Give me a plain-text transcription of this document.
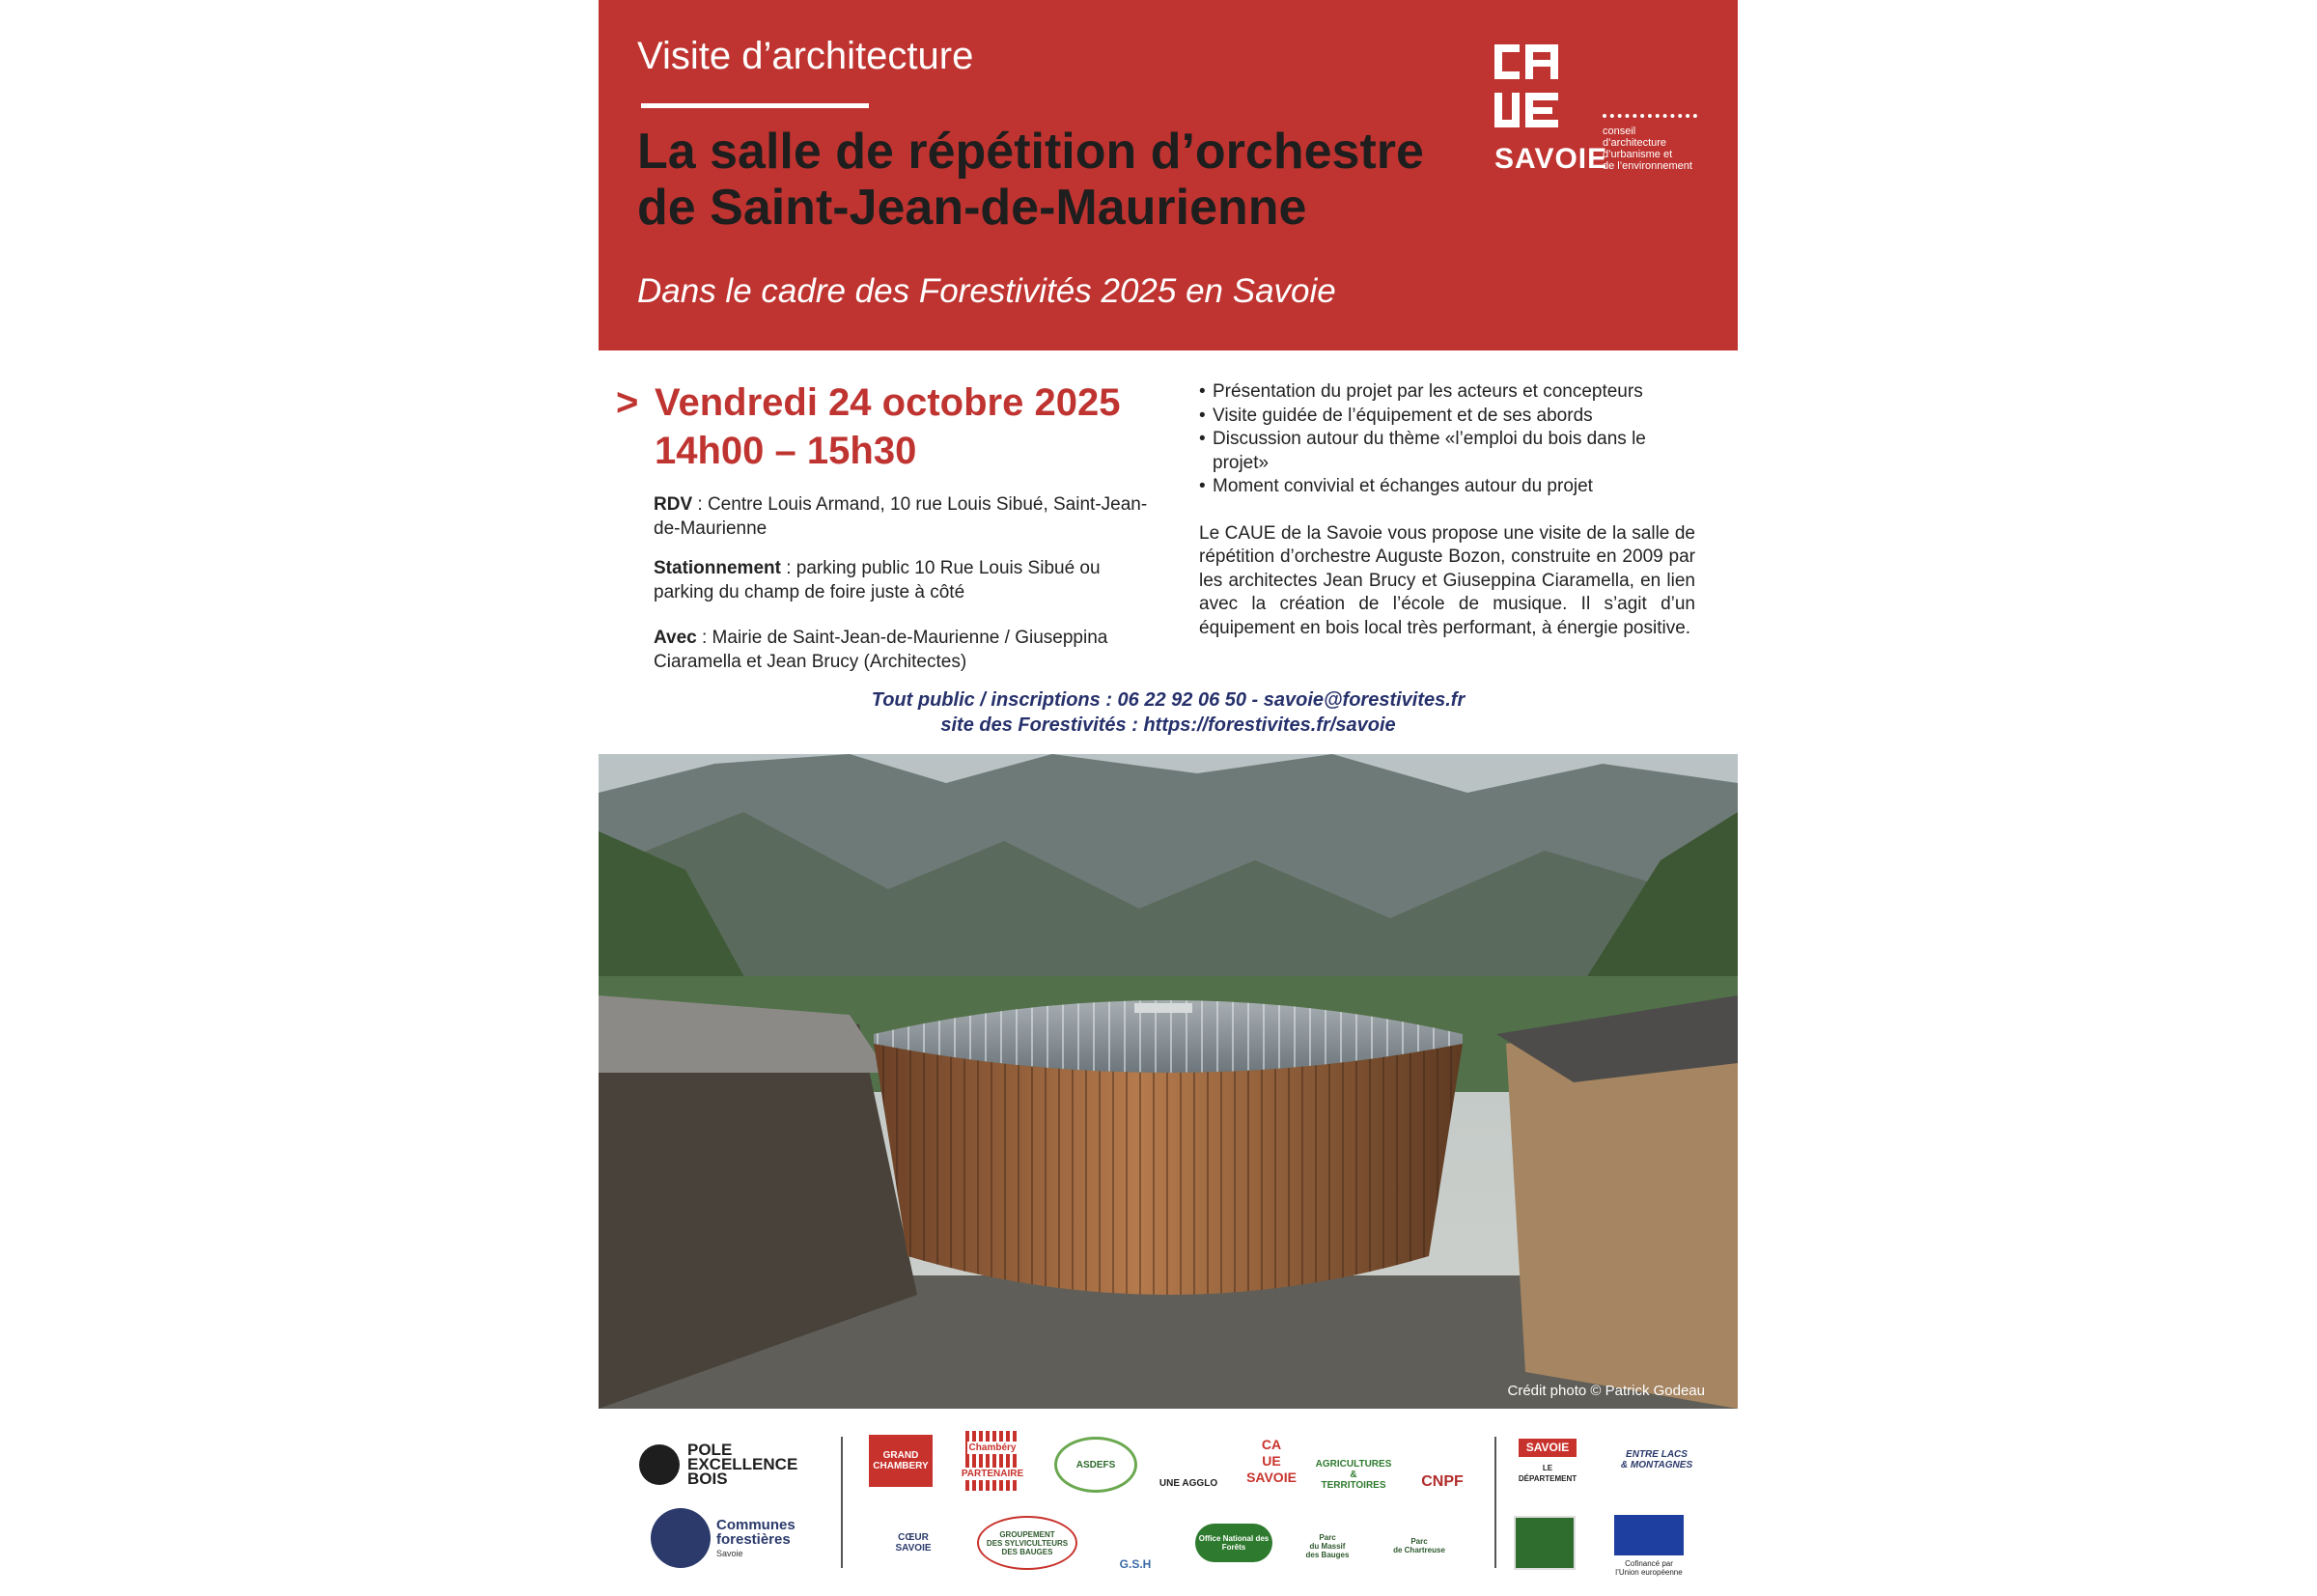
Visite d’architecture
La salle de répétition d’orchestre
de Saint-Jean-de-Maurienne
Dans le cadre des Forestivités 2025 en Savoie
SAVOIE
conseil
d’architecture
d’urbanisme et
de l’environnement
> Vendredi 24 octobre 2025
14h00 – 15h30
RDV : Centre Louis Armand, 10 rue Louis Sibué, Saint-Jean-de-Maurienne
Stationnement : parking public 10 Rue Louis Sibué ou parking du champ de foire juste à côté
Avec : Mairie de Saint-Jean-de-Maurienne / Giuseppina Ciaramella et Jean Brucy (Architectes)
• Présentation du projet par les acteurs et concepteurs
• Visite guidée de l’équipement et de ses abords
• Discussion autour du thème «l’emploi du bois dans le projet»
• Moment convivial et échanges autour du projet

Le CAUE de la Savoie vous propose une visite de la salle de répétition d’orchestre Auguste Bozon, construite en 2009 par les architectes Jean Brucy et Giuseppina Ciaramella, en lien avec la création de l’école de musique. Il s’agit d’un équipement en bois local très performant, à énergie positive.

Tout public / inscriptions : 06 22 92 06 50 - savoie@forestivites.fr
site des Forestivités : https://forestivites.fr/savoie
Crédit photo © Patrick Godeau
POLE
EXCELLENCE
BOIS
Communes
forestières
Savoie
GRAND
CHAMBERY
Chambéry
PARTENAIRE
ASDEFS
UNE AGGLO
CA
UE
SAVOIE
AGRICULTURES
& TERRITOIRES CNPF
SAVOIE
LE DÉPARTEMENT
ENTRE LACS
& MONTAGNES
CŒUR
SAVOIE
GROUPEMENT
DES SYLVICULTEURS
DES BAUGES
G.S.H
Office National des Forêts
Parc
du Massif
des Bauges
Parc
de Chartreuse
Cofinancé par
l’Union européenne
